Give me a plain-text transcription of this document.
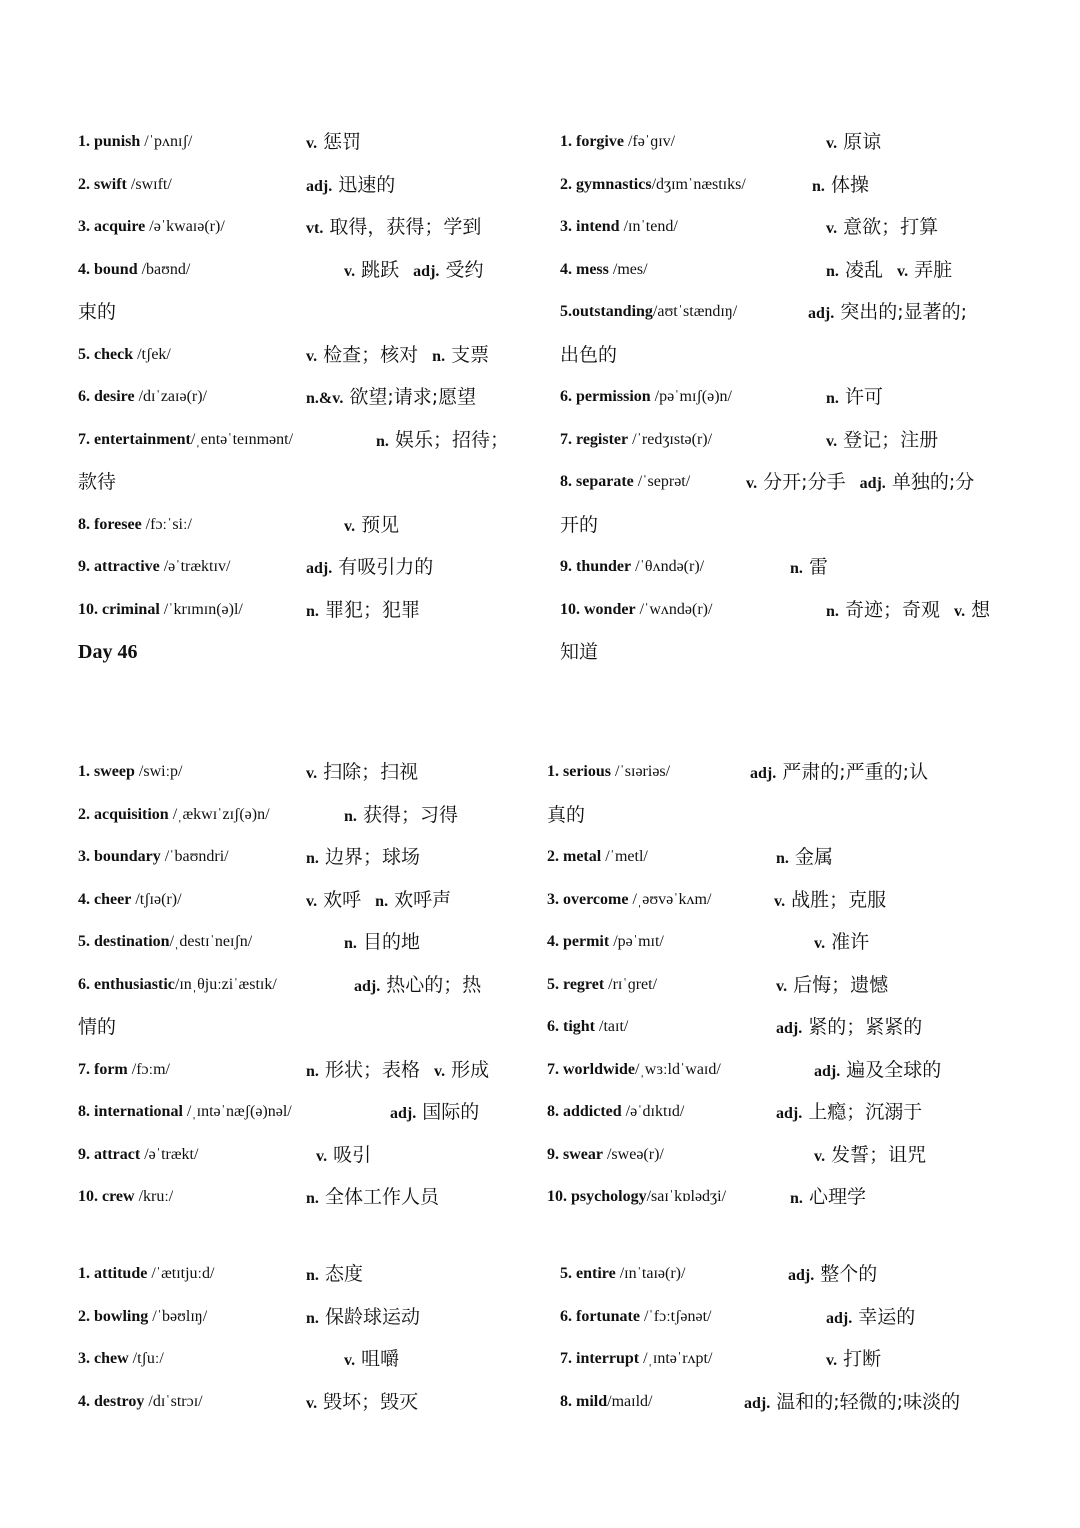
Day 46
1. punish /ˈpʌnɪʃ/	v. 惩罚
2. swift /swɪft/	adj. 迅速的
3. acquire /əˈkwaɪə(r)/	vt. 取得，获得；学到
4. bound /baʊnd/	v. 跳跃 adj. 受约
束的
5. check /tʃek/	v. 检查；核对 n. 支票
6. desire /dɪˈzaɪə(r)/	n.&v. 欲望;请求;愿望
7. entertainment/ˌentəˈteɪnmənt/	n. 娱乐；招待；
款待
8. foresee /fɔːˈsiː/	v. 预见
9. attractive /əˈtræktɪv/	adj. 有吸引力的
10. criminal /ˈkrɪmɪn(ə)l/	n. 罪犯；犯罪
1. forgive /fəˈɡɪv/	v. 原谅
2. gymnastics/dʒɪmˈnæstɪks/	n. 体操
3. intend /ɪnˈtend/	v. 意欲；打算
4. mess /mes/	n. 凌乱 v. 弄脏
5.outstanding/aʊtˈstændɪŋ/	adj. 突出的;显著的;
出色的
6. permission /pəˈmɪʃ(ə)n/	n. 许可
7. register /ˈredʒɪstə(r)/	v. 登记；注册
8. separate /ˈseprət/	v. 分开;分手 adj. 单独的;分
开的
9. thunder /ˈθʌndə(r)/	n. 雷
10. wonder /ˈwʌndə(r)/	n. 奇迹；奇观 v. 想
知道
1. sweep /swiːp/	v. 扫除；扫视
2. acquisition /ˌækwɪˈzɪʃ(ə)n/	n. 获得；习得
3. boundary /ˈbaʊndri/	n. 边界；球场
4. cheer /tʃɪə(r)/	v. 欢呼 n. 欢呼声
5. destination/ˌdestɪˈneɪʃn/	n. 目的地
6. enthusiastic/ɪnˌθjuːziˈæstɪk/	adj. 热心的；热
情的
7. form /fɔːm/	n. 形状；表格 v. 形成
8. international /ˌɪntəˈnæʃ(ə)nəl/	adj. 国际的
9. attract /əˈtrækt/	v. 吸引
10. crew /kruː/	n. 全体工作人员
1. serious /ˈsɪəriəs/	adj. 严肃的;严重的;认
真的
2. metal /ˈmetl/	n. 金属
3. overcome /ˌəʊvəˈkʌm/	v. 战胜；克服
4. permit /pəˈmɪt/	v. 准许
5. regret /rɪˈɡret/	v. 后悔；遗憾
6. tight /taɪt/	adj. 紧的；紧紧的
7. worldwide/ˌwɜːldˈwaɪd/	adj. 遍及全球的
8. addicted /əˈdɪktɪd/	adj. 上瘾；沉溺于
9. swear /sweə(r)/	v. 发誓；诅咒
10. psychology/saɪˈkɒlədʒi/	n. 心理学
1. attitude /ˈætɪtjuːd/	n. 态度
2. bowling /ˈbəʊlɪŋ/	n. 保龄球运动
3. chew /tʃuː/	v. 咀嚼
4. destroy /dɪˈstrɔɪ/	v. 毁坏；毁灭
5. entire /ɪnˈtaɪə(r)/	adj. 整个的
6. fortunate /ˈfɔːtʃənət/	adj. 幸运的
7. interrupt /ˌɪntəˈrʌpt/	v. 打断
8. mild/maɪld/	adj. 温和的;轻微的;味淡的
